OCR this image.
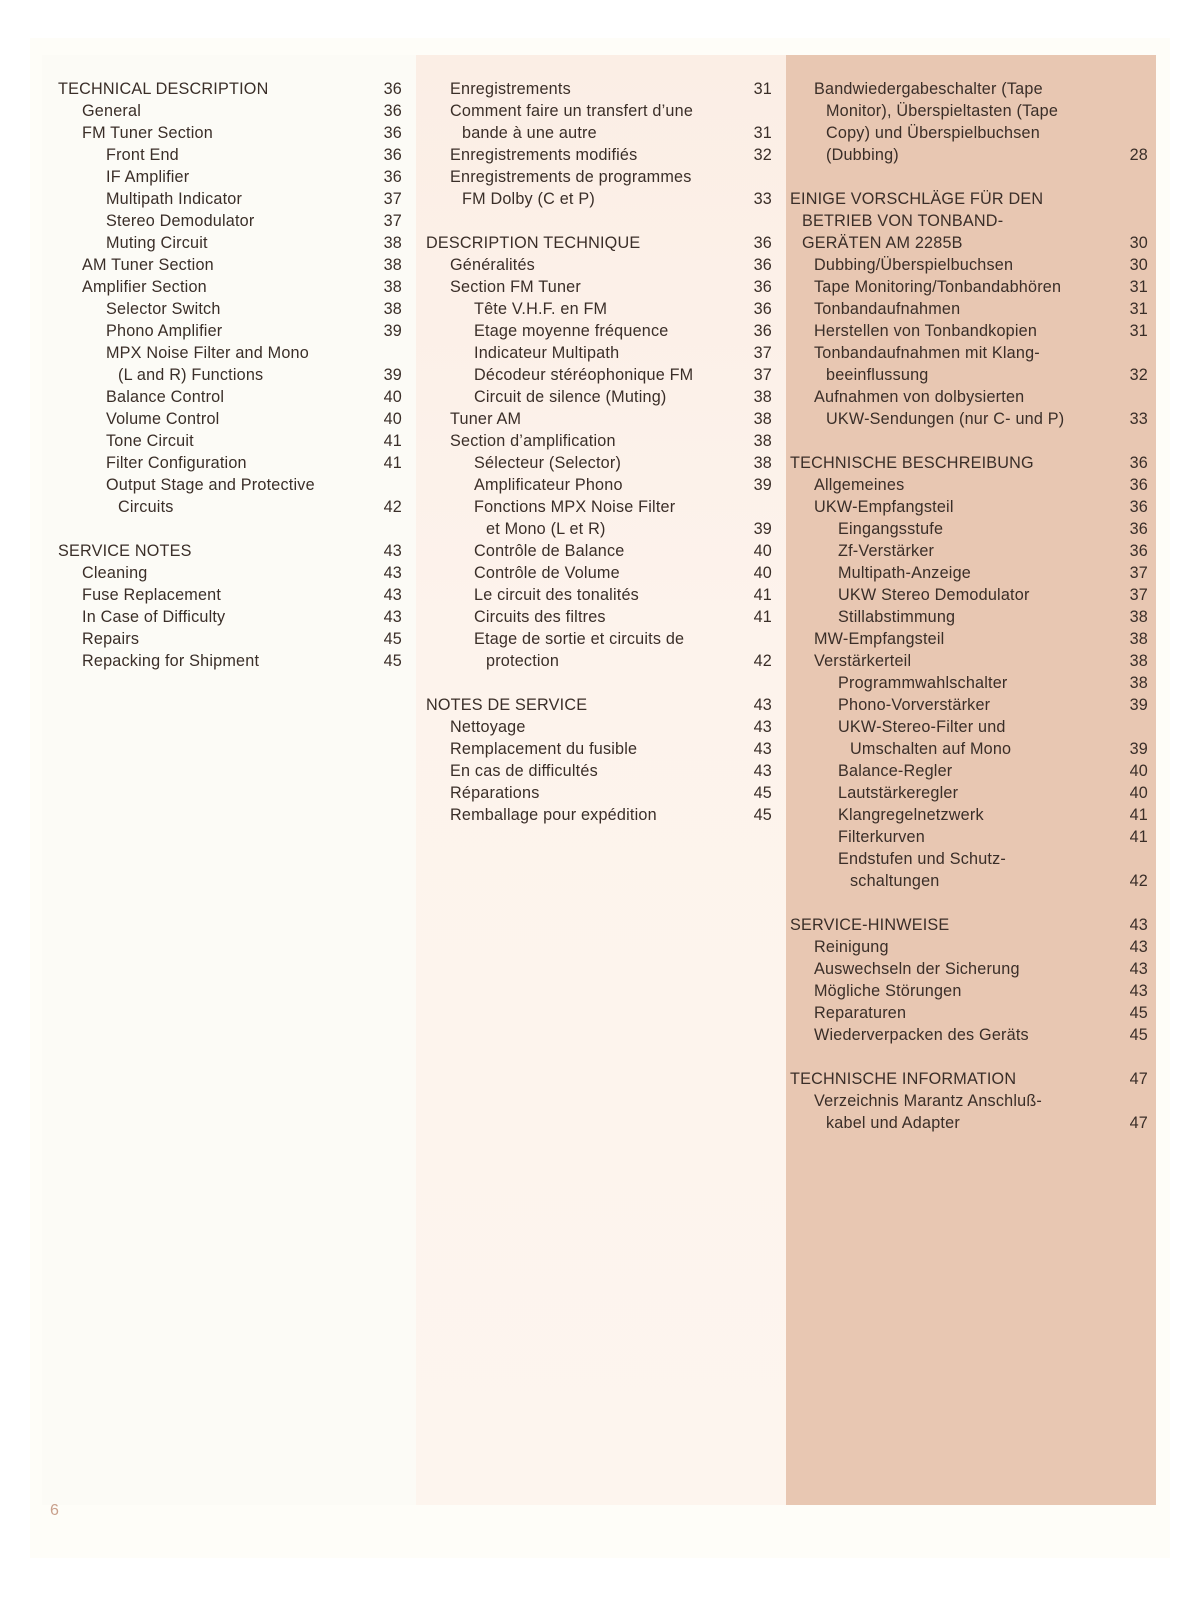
TECHNICAL DESCRIPTION	36
General	36
FM Tuner Section	36
Front End	36
IF Amplifier	36
Multipath Indicator	37
Stereo Demodulator	37
Muting Circuit	38
AM Tuner Section	38
Amplifier Section	38
Selector Switch	38
Phono Amplifier	39
MPX Noise Filter and Mono

(L and R) Functions	39
Balance Control	40
Volume Control	40
Tone Circuit	41
Filter Configuration	41
Output Stage and Protective

Circuits	42
SERVICE NOTES	43
Cleaning	43
Fuse Replacement	43
In Case of Difficulty	43
Repairs	45
Repacking for Shipment	45
Enregistrements	31
Comment faire un transfert d’une

bande à une autre	31
Enregistrements modifiés	32
Enregistrements de programmes

FM Dolby (C et P)	33
DESCRIPTION TECHNIQUE	36
Généralités	36
Section FM Tuner	36
Tête V.H.F. en FM	36
Etage moyenne fréquence	36
Indicateur Multipath	37
Décodeur stéréophonique FM	37
Circuit de silence (Muting)	38
Tuner AM	38
Section d’amplification	38
Sélecteur (Selector)	38
Amplificateur Phono	39
Fonctions MPX Noise Filter

et Mono (L et R)	39
Contrôle de Balance	40
Contrôle de Volume	40
Le circuit des tonalités	41
Circuits des filtres	41
Etage de sortie et circuits de

protection	42
NOTES DE SERVICE	43
Nettoyage	43
Remplacement du fusible	43
En cas de difficultés	43
Réparations	45
Remballage pour expédition	45
Bandwiedergabeschalter (Tape

Monitor), Überspieltasten (Tape
Copy) und Überspielbuchsen
(Dubbing)	28
EINIGE VORSCHLÄGE FÜR DEN

BETRIEB VON TONBAND-
GERÄTEN AM 2285B	30
Dubbing/Überspielbuchsen	30
Tape Monitoring/Tonbandabhören	31
Tonbandaufnahmen	31
Herstellen von Tonbandkopien	31
Tonbandaufnahmen mit Klang-

beeinflussung	32
Aufnahmen von dolbysierten

UKW-Sendungen (nur C- und P)	33
TECHNISCHE BESCHREIBUNG	36
Allgemeines	36
UKW-Empfangsteil	36
Eingangsstufe	36
Zf-Verstärker	36
Multipath-Anzeige	37
UKW Stereo Demodulator	37
Stillabstimmung	38
MW-Empfangsteil	38
Verstärkerteil	38
Programmwahlschalter	38
Phono-Vorverstärker	39
UKW-Stereo-Filter und

Umschalten auf Mono	39
Balance-Regler	40
Lautstärkeregler	40
Klangregelnetzwerk	41
Filterkurven	41
Endstufen und Schutz-

schaltungen	42
SERVICE-HINWEISE	43
Reinigung	43
Auswechseln der Sicherung	43
Mögliche Störungen	43
Reparaturen	45
Wiederverpacken des Geräts	45
TECHNISCHE INFORMATION	47
Verzeichnis Marantz Anschluß-

kabel und Adapter	47
6
